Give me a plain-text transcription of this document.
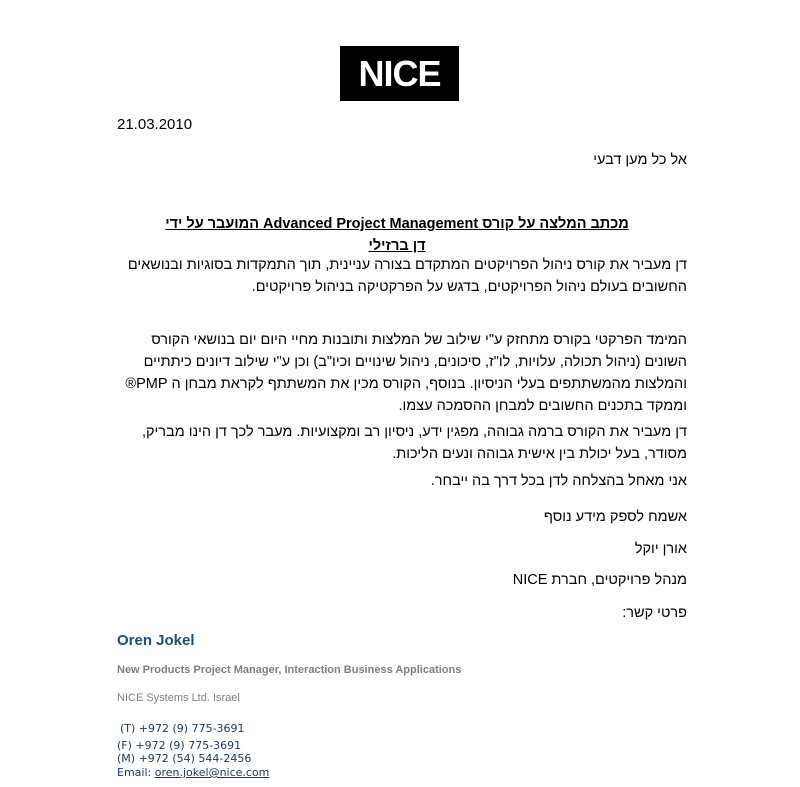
NICE
21.03.2010
אל כל מען דבעי
מכתב המלצה על קורס Advanced Project Management המועבר על ידי דן ברזילי
דן מעביר את קורס ניהול הפרויקטים המתקדם בצורה עניינית, תוך התמקדות בסוגיות ובנושאים החשובים בעולם ניהול הפרויקטים, בדגש על הפרקטיקה בניהול פרויקטים.
המימד הפרקטי בקורס מתחזק ע"י שילוב של המלצות ותובנות מחיי היום יום בנושאי הקורס השונים (ניהול תכולה, עלויות, לו"ז, סיכונים, ניהול שינויים וכיו"ב) וכן ע"י שילוב דיונים כיתתיים והמלצות מהמשתתפים בעלי הניסיון. בנוסף, הקורס מכין את המשתתף לקראת מבחן ה PMP® וממקד בתכנים החשובים למבחן ההסמכה עצמו.
דן מעביר את הקורס ברמה גבוהה, מפגין ידע, ניסיון רב ומקצועיות. מעבר לכך דן הינו מבריק, מסודר, בעל יכולת בין אישית גבוהה ונעים הליכות.
אני מאחל בהצלחה לדן בכל דרך בה ייבחר.
אשמח לספק מידע נוסף
אורן יוקל
מנהל פרויקטים, חברת NICE
פרטי קשר:
Oren Jokel
New Products Project Manager, Interaction Business Applications
NICE Systems Ltd. Israel
(T) +972 (9) 775-3691
(F) +972 (9) 775-3691
(M) +972 (54) 544-2456
Email: oren.jokel@nice.com
